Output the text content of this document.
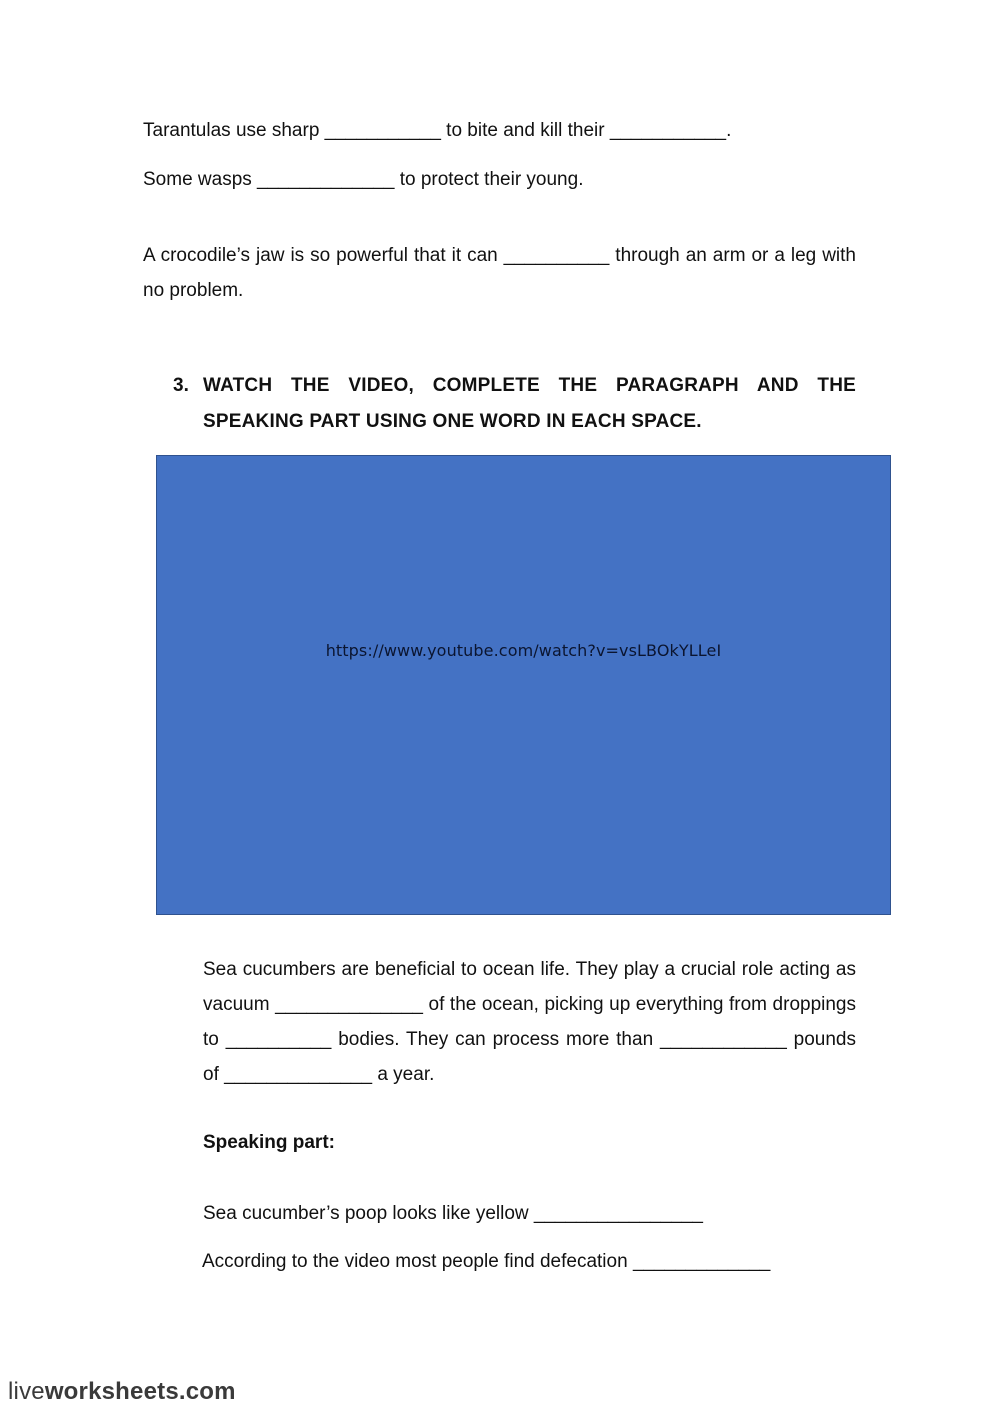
Tarantulas use sharp ___________ to bite and kill their ___________.
Some wasps _____________ to protect their young.
A crocodile’s jaw is so powerful that it can __________ through an arm or a leg with no problem.
3. WATCH THE VIDEO, COMPLETE THE PARAGRAPH AND THE SPEAKING PART USING ONE WORD IN EACH SPACE.
https://www.youtube.com/watch?v=vsLBOkYLLeI
Sea cucumbers are beneficial to ocean life. They play a crucial role acting as vacuum ______________ of the ocean, picking up everything from droppings to __________ bodies. They can process more than ____________ pounds of ______________ a year.
Speaking part:
Sea cucumber’s poop looks like yellow ________________
According to the video most people find defecation _____________
liveworksheets.com
